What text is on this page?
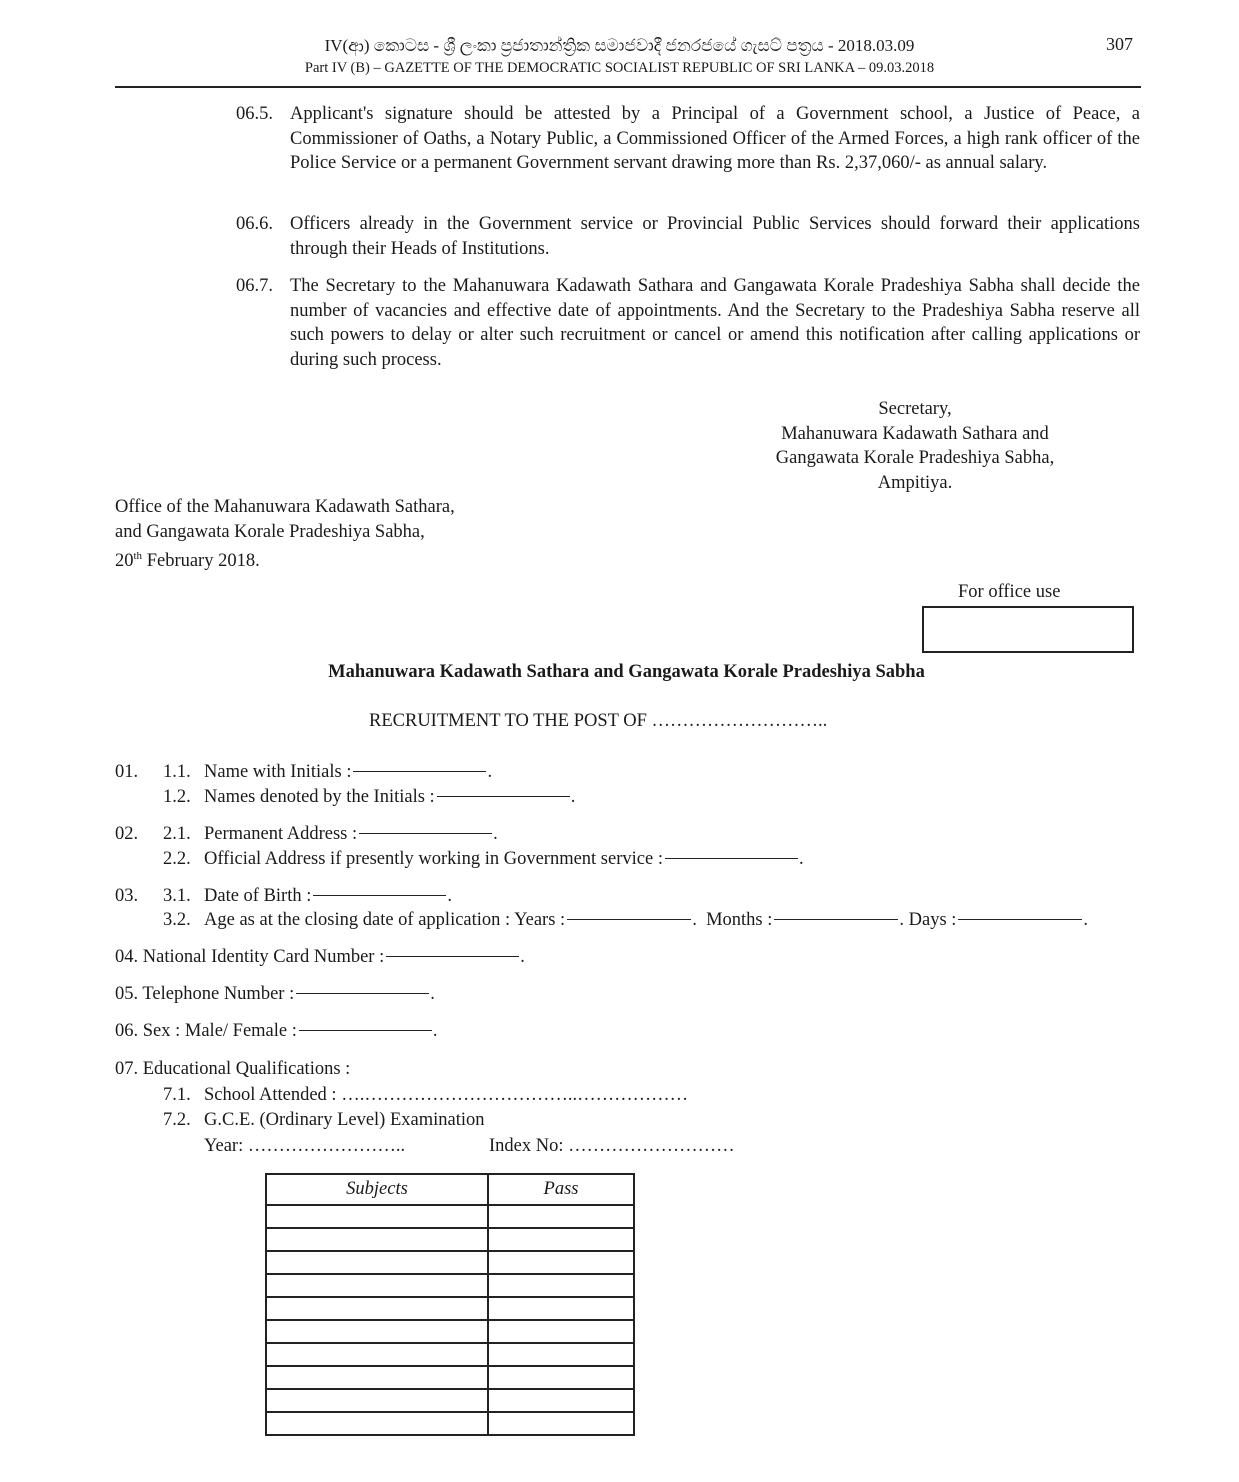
IV(ආ) කොටස - ශ්‍රී ලංකා ප්‍රජාතාන්ත්‍රික සමාජවාදී ජනරජයේ ගැසට් පත්‍රය - 2018.03.09
Part IV (B) – GAZETTE OF THE DEMOCRATIC SOCIALIST REPUBLIC OF SRI LANKA – 09.03.2018
307
06.5. Applicant's signature should be attested by a Principal of a Government school, a Justice of Peace, a Commissioner of Oaths, a Notary Public, a Commissioned Officer of the Armed Forces, a high rank officer of the Police Service or a permanent Government servant drawing more than Rs. 2,37,060/- as annual salary.
06.6. Officers already in the Government service or Provincial Public Services should forward their applications through their Heads of Institutions.
06.7. The Secretary to the Mahanuwara Kadawath Sathara and Gangawata Korale Pradeshiya Sabha shall decide the number of vacancies and effective date of appointments. And the Secretary to the Pradeshiya Sabha reserve all such powers to delay or alter such recruitment or cancel or amend this notification after calling applications or during such process.
Secretary,
Mahanuwara Kadawath Sathara and
Gangawata Korale Pradeshiya Sabha,
Ampitiya.
Office of the Mahanuwara Kadawath Sathara,
and Gangawata Korale Pradeshiya Sabha,
20th February 2018.
For office use
Mahanuwara Kadawath Sathara and Gangawata Korale Pradeshiya Sabha
RECRUITMENT TO THE POST OF ………………………..
01. 1.1. Name with Initials :	.
1.2. Names denoted by the Initials :	.
02. 2.1. Permanent Address :	.
2.2. Official Address if presently working in Government service :	.
03. 3.1. Date of Birth :	.
3.2. Age as at the closing date of application : Years :	.  Months :	. Days :	.
04. National Identity Card Number :	.
05. Telephone Number :	.
06. Sex : Male/ Female :	.
07. Educational Qualifications :
7.1. School Attended : ….……………………………..………………
7.2. G.C.E. (Ordinary Level) Examination
Year: ……………………..	Index No: ………………………
Subjects	Pass
